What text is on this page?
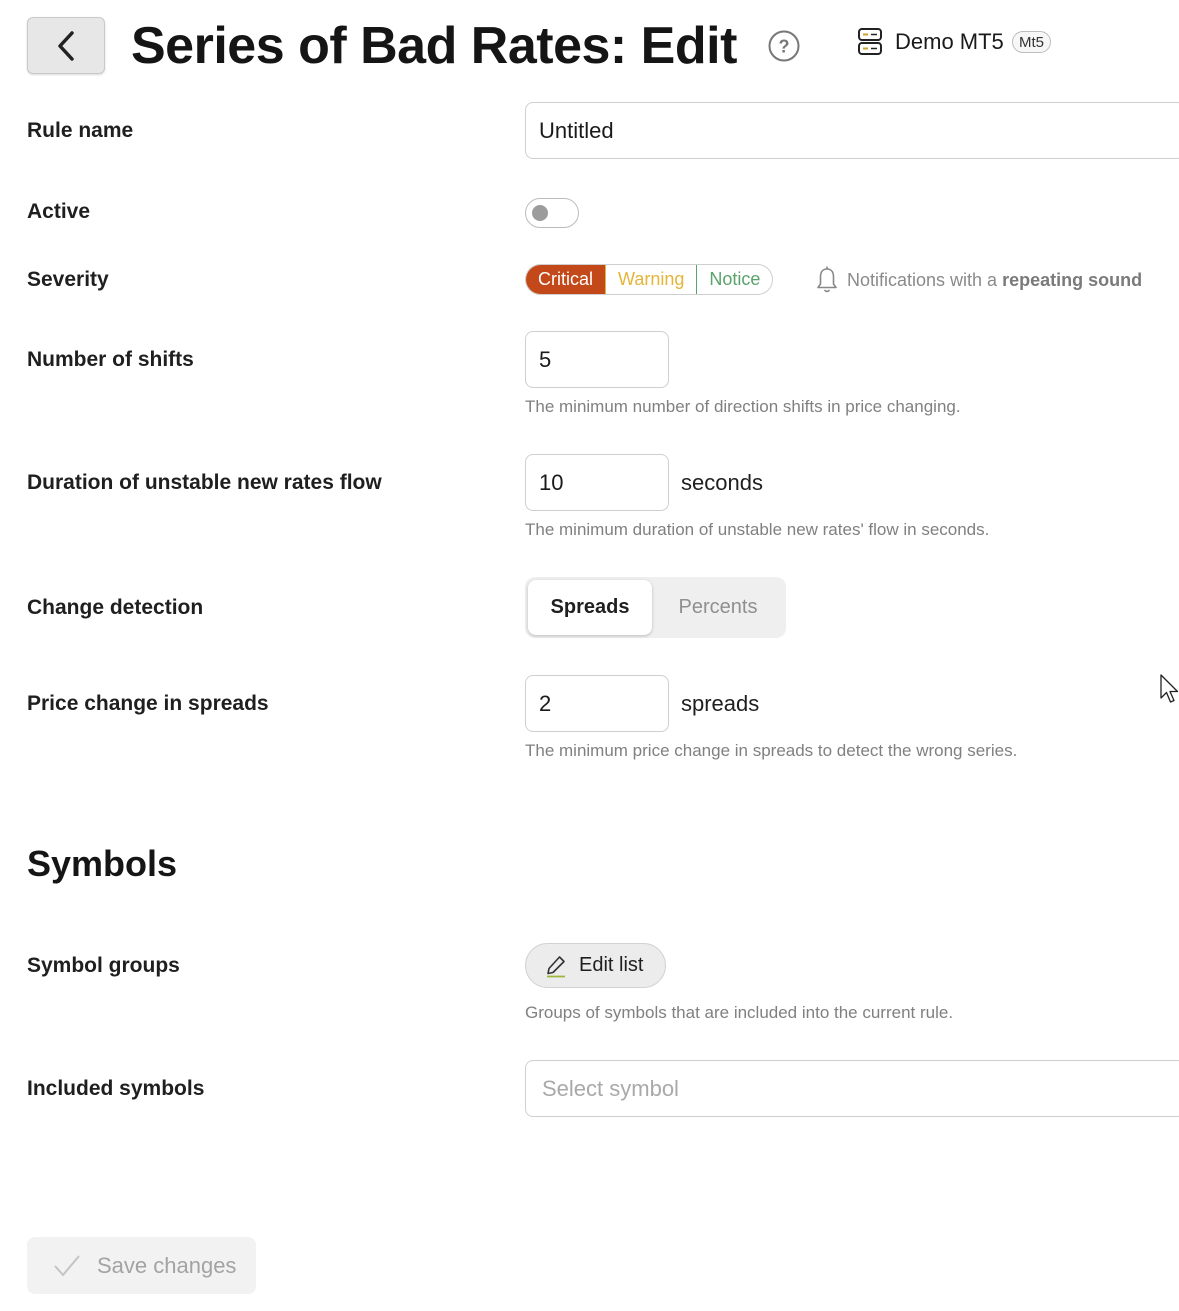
Series of Bad Rates: Edit ?	Demo MT5	Mt5
Rule name	Untitled
Active
Severity	Critical	Warning	Notice	Notifications with a repeating sound
Number of shifts	5
The minimum number of direction shifts in price changing.
Duration of unstable new rates flow	10	seconds
The minimum duration of unstable new rates' flow in seconds.
Change detection	Spreads	Percents
Price change in spreads	2	spreads
The minimum price change in spreads to detect the wrong series.
Symbols
Symbol groups	Edit list
Groups of symbols that are included into the current rule.
Included symbols	Select symbol
Save changes
